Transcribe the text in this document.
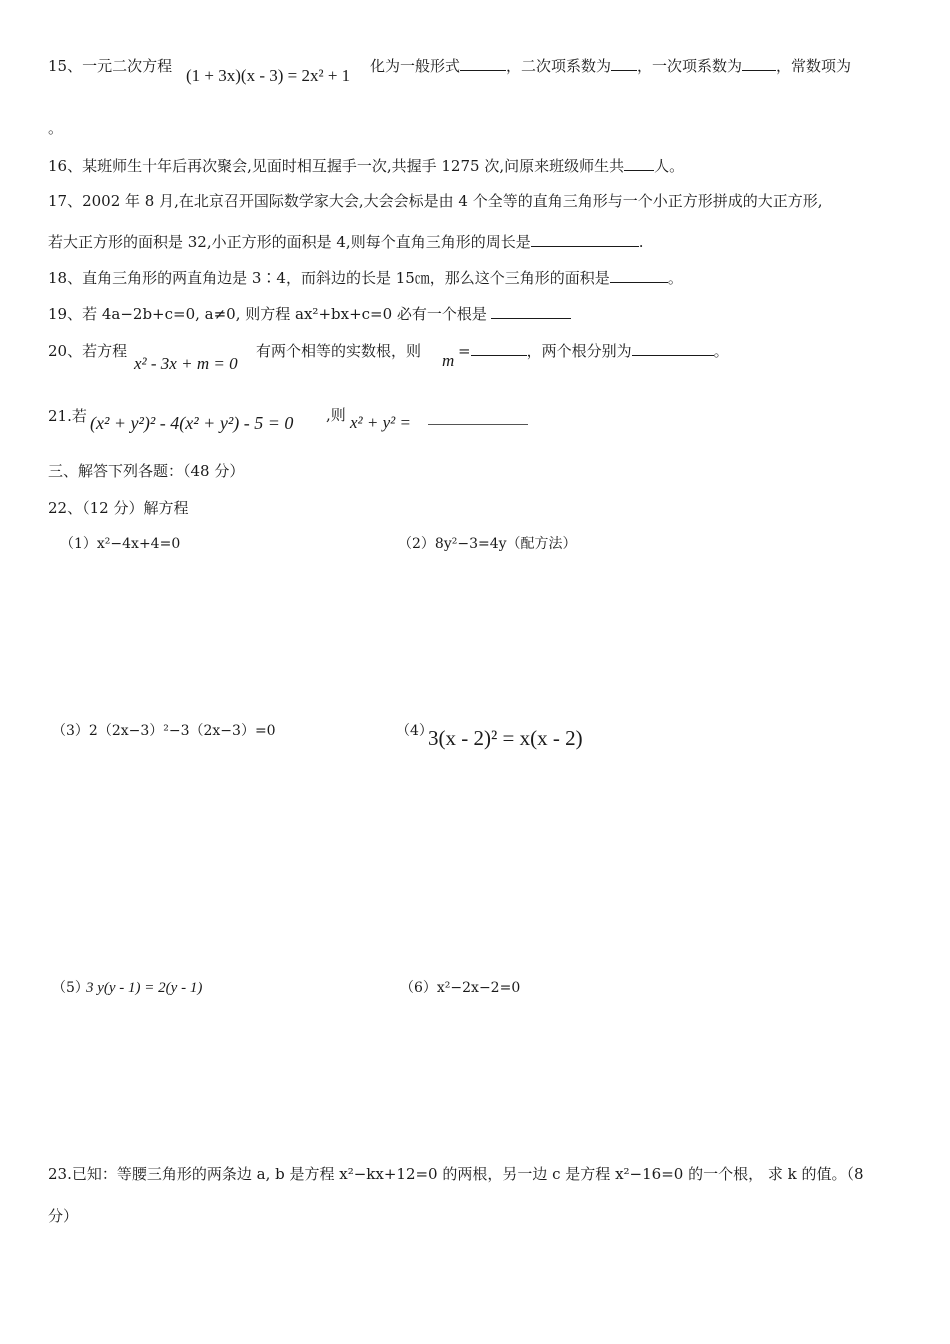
15、一元二次方程 (1 + 3x)(x - 3) = 2x² + 1 化为一般形式	，二次项系数为 ，一次项系数为 ，常数项为
。
16、某班师生十年后再次聚会,见面时相互握手一次,共握手 1275 次,问原来班级师生共 人。
17、2002 年 8 月,在北京召开国际数学家大会,大会会标是由 4 个全等的直角三角形与一个小正方形拼成的大正方形,
若大正方形的面积是 32,小正方形的面积是 4,则每个直角三角形的周长是	.
18、直角三角形的两直角边是 3∶4，而斜边的长是 15㎝，那么这个三角形的面积是	。
19、若 4a−2b+c=0, a≠0, 则方程 ax²+bx+c=0 必有一个根是
20、若方程
x² - 3x + m = 0
有两个相等的实数根，则 m =	，两个根分别为	。
21.若 (x² + y²)² - 4(x² + y²) - 5 = 0 ,则 x² + y² =
三、解答下列各题：（48 分）
22、（12 分）解方程
（1）x²−4x+4=0	（2）8y²−3=4y（配方法）
（3）2（2x−3）²−3（2x−3）=0	（4）
3(x - 2)² = x(x - 2)
（5）
3 y(y - 1) = 2(y - 1)	（6）x²−2x−2=0
23.已知：等腰三角形的两条边 a, b 是方程 x²−kx+12=0 的两根，另一边 c 是方程 x²−16=0 的一个根， 求 k 的值。（8
分）
